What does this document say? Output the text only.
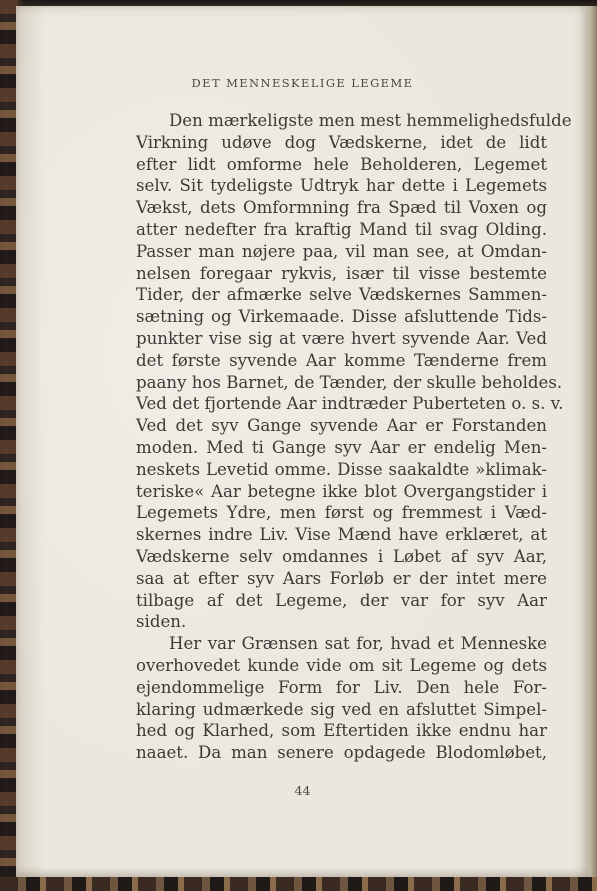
DET MENNESKELIGE LEGEME
Den mærkeligste men mest hemmelighedsfulde
Virkning udøve dog Vædskerne, idet de lidt
efter lidt omforme hele Beholderen, Legemet
selv. Sit tydeligste Udtryk har dette i Legemets
Vækst, dets Omformning fra Spæd til Voxen og
atter nedefter fra kraftig Mand til svag Olding.
Passer man nøjere paa, vil man see, at Omdan-
nelsen foregaar rykvis, især til visse bestemte
Tider, der afmærke selve Vædskernes Sammen-
sætning og Virkemaade. Disse afsluttende Tids-
punkter vise sig at være hvert syvende Aar. Ved
det første syvende Aar komme Tænderne frem
paany hos Barnet, de Tænder, der skulle beholdes.
Ved det fjortende Aar indtræder Puberteten o. s. v.
Ved det syv Gange syvende Aar er Forstanden
moden. Med ti Gange syv Aar er endelig Men-
neskets Levetid omme. Disse saakaldte »klimak-
teriske« Aar betegne ikke blot Overgangstider i
Legemets Ydre, men først og fremmest i Væd-
skernes indre Liv. Vise Mænd have erklæret, at
Vædskerne selv omdannes i Løbet af syv Aar,
saa at efter syv Aars Forløb er der intet mere
tilbage af det Legeme, der var for syv Aar
siden.
Her var Grænsen sat for, hvad et Menneske
overhovedet kunde vide om sit Legeme og dets
ejendommelige Form for Liv. Den hele For-
klaring udmærkede sig ved en afsluttet Simpel-
hed og Klarhed, som Eftertiden ikke endnu har
naaet. Da man senere opdagede Blodomløbet,
44
